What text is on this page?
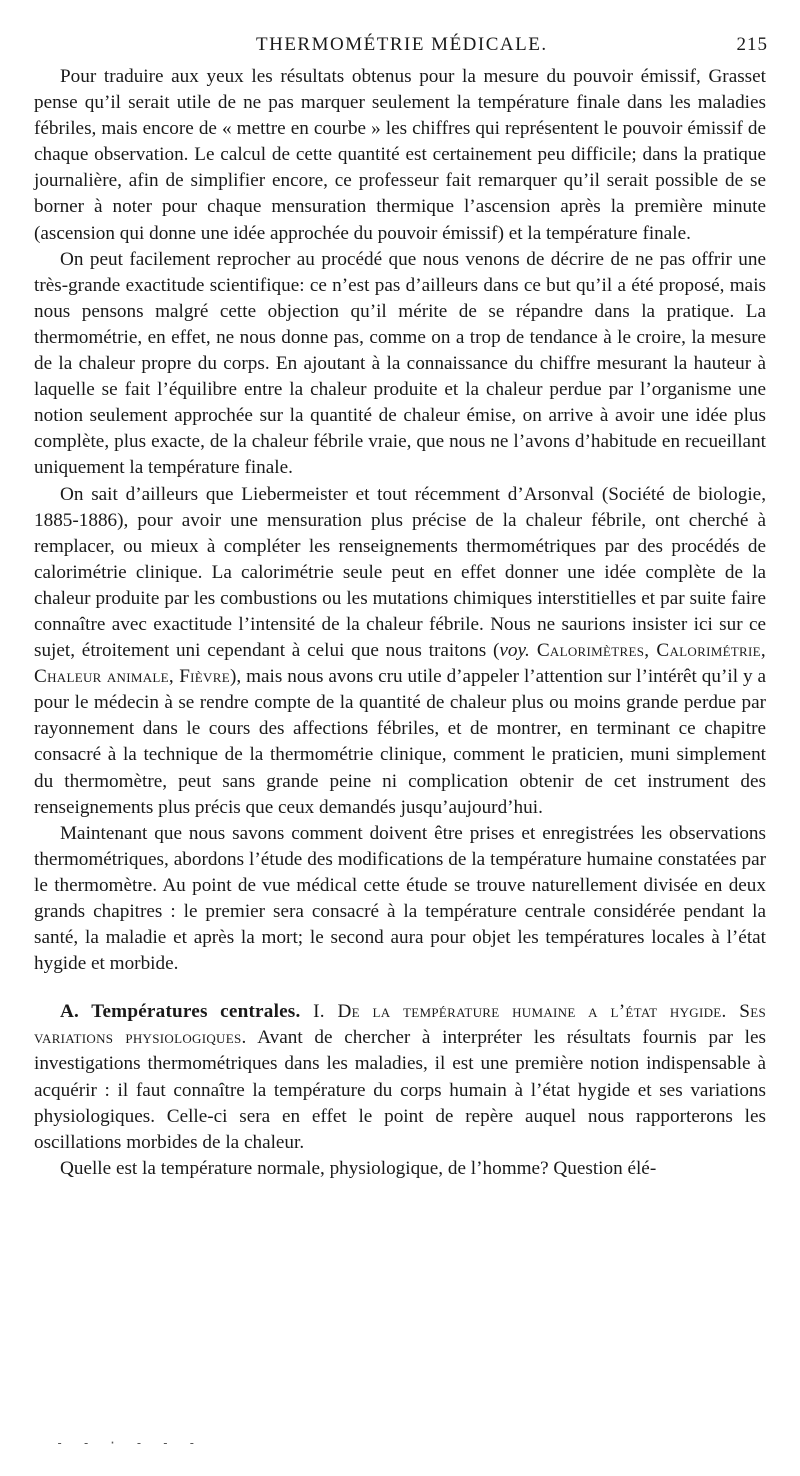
THERMOMÉTRIE MÉDICALE.	215

Pour traduire aux yeux les résultats obtenus pour la mesure du pouvoir émissif, Grasset pense qu’il serait utile de ne pas marquer seulement la température finale dans les maladies fébriles, mais encore de « mettre en courbe » les chiffres qui représentent le pouvoir émissif de chaque observation. Le calcul de cette quantité est certainement peu difficile; dans la pratique journalière, afin de simplifier encore, ce professeur fait remarquer qu’il serait possible de se borner à noter pour chaque mensuration thermique l’ascension après la première minute (ascension qui donne une idée approchée du pouvoir émissif) et la température finale.

On peut facilement reprocher au procédé que nous venons de décrire de ne pas offrir une très-grande exactitude scientifique: ce n’est pas d’ailleurs dans ce but qu’il a été proposé, mais nous pensons malgré cette objection qu’il mérite de se répandre dans la pratique. La thermométrie, en effet, ne nous donne pas, comme on a trop de tendance à le croire, la mesure de la chaleur propre du corps. En ajoutant à la connaissance du chiffre mesurant la hauteur à laquelle se fait l’équilibre entre la chaleur produite et la chaleur perdue par l’organisme une notion seulement approchée sur la quantité de chaleur émise, on arrive à avoir une idée plus complète, plus exacte, de la chaleur fébrile vraie, que nous ne l’avons d’habitude en recueillant uniquement la température finale.

On sait d’ailleurs que Liebermeister et tout récemment d’Arsonval (Société de biologie, 1885-1886), pour avoir une mensuration plus précise de la chaleur fébrile, ont cherché à remplacer, ou mieux à compléter les renseignements thermométriques par des procédés de calorimétrie clinique. La calorimétrie seule peut en effet donner une idée complète de la chaleur produite par les combustions ou les mutations chimiques interstitielles et par suite faire connaître avec exactitude l’intensité de la chaleur fébrile. Nous ne saurions insister ici sur ce sujet, étroitement uni cependant à celui que nous traitons (voy. Calorimètres, Calorimétrie, Chaleur animale, Fièvre), mais nous avons cru utile d’appeler l’attention sur l’intérêt qu’il y a pour le médecin à se rendre compte de la quantité de chaleur plus ou moins grande perdue par rayonnement dans le cours des affections fébriles, et de montrer, en terminant ce chapitre consacré à la technique de la thermométrie clinique, comment le praticien, muni simplement du thermomètre, peut sans grande peine ni complication obtenir de cet instrument des renseignements plus précis que ceux demandés jusqu’aujourd’hui.

Maintenant que nous savons comment doivent être prises et enregistrées les observations thermométriques, abordons l’étude des modifications de la température humaine constatées par le thermomètre. Au point de vue médical cette étude se trouve naturellement divisée en deux grands chapitres : le premier sera consacré à la température centrale considérée pendant la santé, la maladie et après la mort; le second aura pour objet les températures locales à l’état hygide et morbide.

A. Températures centrales. I. De la température humaine a l’état hygide. Ses variations physiologiques. Avant de chercher à interpréter les résultats fournis par les investigations thermométriques dans les maladies, il est une première notion indispensable à acquérir : il faut connaître la température du corps humain à l’état hygide et ses variations physiologiques. Celle-ci sera en effet le point de repère auquel nous rapporterons les oscillations morbides de la chaleur.

Quelle est la température normale, physiologique, de l’homme? Question élé-

- - · - - -
